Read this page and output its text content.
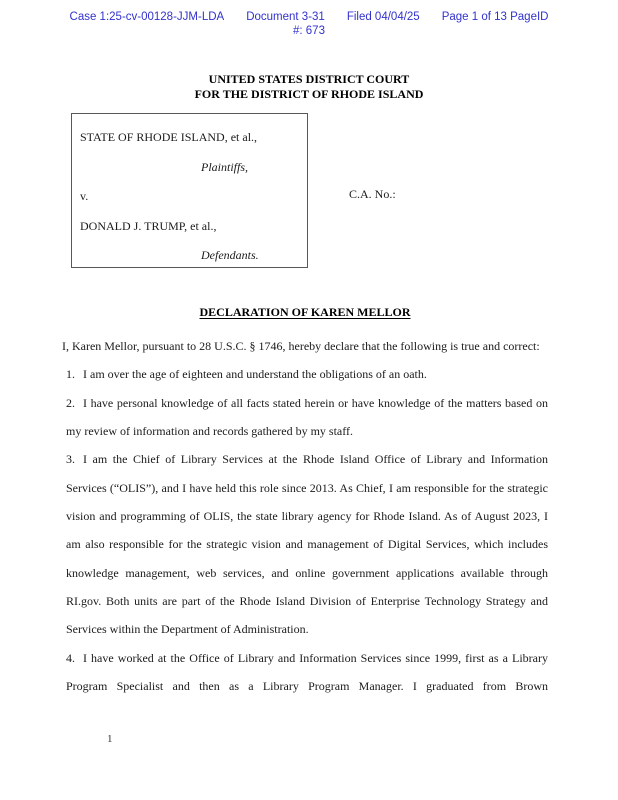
Case 1:25-cv-00128-JJM-LDA Document 3-31 Filed 04/04/25 Page 1 of 13 PageID
#: 673
UNITED STATES DISTRICT COURT
FOR THE DISTRICT OF RHODE ISLAND
STATE OF RHODE ISLAND, et al.,
Plaintiffs,
v.
DONALD J. TRUMP, et al.,
Defendants.
C.A. No.:
DECLARATION OF KAREN MELLOR

I, Karen Mellor, pursuant to 28 U.S.C. § 1746, hereby declare that the following is true and correct:

1. I am over the age of eighteen and understand the obligations of an oath.

2. I have personal knowledge of all facts stated herein or have knowledge of the matters based on my review of information and records gathered by my staff.

3. I am the Chief of Library Services at the Rhode Island Office of Library and Information Services (“OLIS”), and I have held this role since 2013. As Chief, I am responsible for the strategic vision and programming of OLIS, the state library agency for Rhode Island. As of August 2023, I am also responsible for the strategic vision and management of Digital Services, which includes knowledge management, web services, and online government applications available through RI.gov. Both units are part of the Rhode Island Division of Enterprise Technology Strategy and Services within the Department of Administration.

4. I have worked at the Office of Library and Information Services since 1999, first as a Library Program Specialist and then as a Library Program Manager. I graduated from Brown

1
